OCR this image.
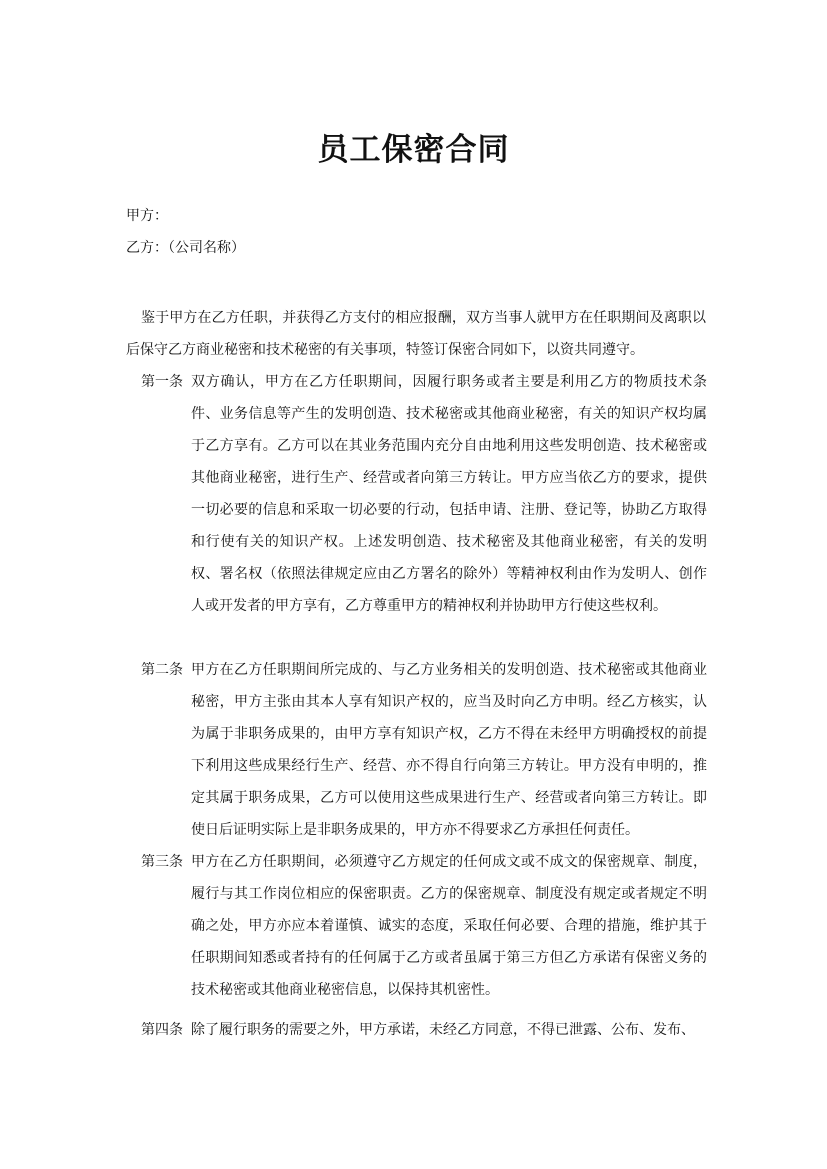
员工保密合同
甲方：
乙方：（公司名称）
鉴于甲方在乙方任职，并获得乙方支付的相应报酬，双方当事人就甲方在任职期间及离职以后保守乙方商业秘密和技术秘密的有关事项，特签订保密合同如下，以资共同遵守。
第一条 双方确认，甲方在乙方任职期间，因履行职务或者主要是利用乙方的物质技术条件、业务信息等产生的发明创造、技术秘密或其他商业秘密，有关的知识产权均属于乙方享有。乙方可以在其业务范围内充分自由地利用这些发明创造、技术秘密或其他商业秘密，进行生产、经营或者向第三方转让。甲方应当依乙方的要求，提供一切必要的信息和采取一切必要的行动，包括申请、注册、登记等，协助乙方取得和行使有关的知识产权。上述发明创造、技术秘密及其他商业秘密，有关的发明权、署名权（依照法律规定应由乙方署名的除外）等精神权利由作为发明人、创作人或开发者的甲方享有，乙方尊重甲方的精神权利并协助甲方行使这些权利。
第二条 甲方在乙方任职期间所完成的、与乙方业务相关的发明创造、技术秘密或其他商业秘密，甲方主张由其本人享有知识产权的，应当及时向乙方申明。经乙方核实，认为属于非职务成果的，由甲方享有知识产权，乙方不得在未经甲方明确授权的前提下利用这些成果经行生产、经营、亦不得自行向第三方转让。甲方没有申明的，推定其属于职务成果，乙方可以使用这些成果进行生产、经营或者向第三方转让。即使日后证明实际上是非职务成果的，甲方亦不得要求乙方承担任何责任。
第三条 甲方在乙方任职期间，必须遵守乙方规定的任何成文或不成文的保密规章、制度，履行与其工作岗位相应的保密职责。乙方的保密规章、制度没有规定或者规定不明确之处，甲方亦应本着谨慎、诚实的态度，采取任何必要、合理的措施，维护其于任职期间知悉或者持有的任何属于乙方或者虽属于第三方但乙方承诺有保密义务的技术秘密或其他商业秘密信息，以保持其机密性。
第四条 除了履行职务的需要之外，甲方承诺，未经乙方同意，不得已泄露、公布、发布、
